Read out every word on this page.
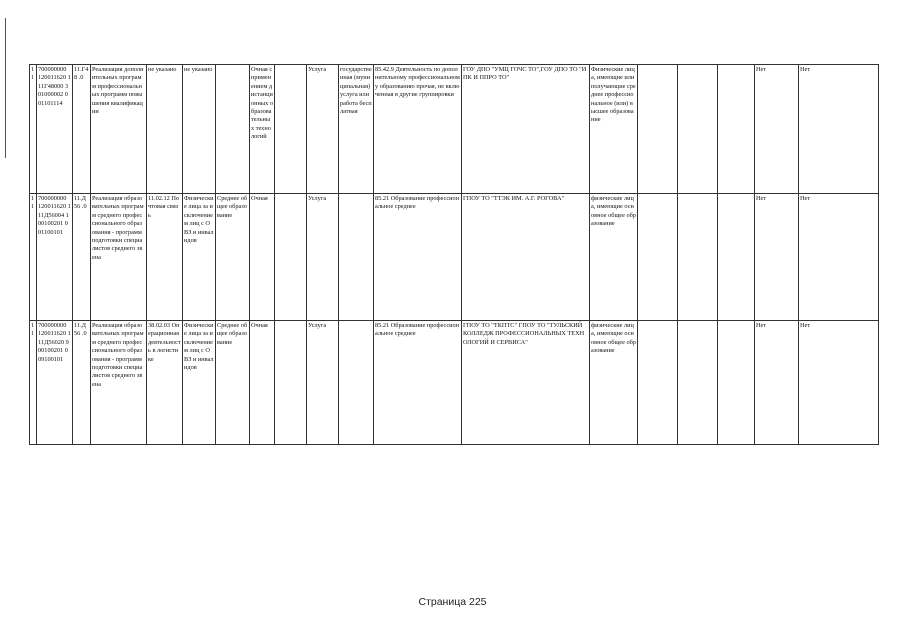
11	700000000 120011620 111Г48000 301000002 001101114	11.Г48 .0	Реализация дополнительных программ профессиональных программ повышения квалификации	не указано	не указано		Очная с применением дистанционных образовательных технологий		Услуга	государственная (муниципальная) услуга или работа бесплатная	85.42.9 Деятельность по дополнительному профессиональному образованию прочая, не включенная в другие группировки	ГОУ ДПО "УМЦ ГОЧС ТО",ГОУ ДПО ТО "ИПК И ППРО ТО"	Физические лица, имеющие или получающие среднее профессиональное (или) высшее образование				Нет	Нет
11	700000000 120011620 111Д56004 100100201 001100101	11.Д56 .0	Реализация образовательных программ среднего профессионального образования - программ подготовки специалистов среднего звена	11.02.12 Почтовая связь	Физические лица за исключением лиц с ОВЗ и инвалидов	Среднее общее образование	Очная		Услуга		85.21 Образование профессиональное среднее	ГПОУ ТО "ТТЭК ИМ. А.Г. РОГОВА"	физические лица, имеющие основное общее образование				Нет	Нет
11	700000000 120011620 111Д56020 900100201 009100101	11.Д56 .0	Реализация образовательных программ среднего профессионального образования - программ подготовки специалистов среднего звена	38.02.03 Операционная деятельность в логистике	Физические лица за исключением лиц с ОВЗ и инвалидов	Среднее общее образование	Очная		Услуга		85.21 Образование профессиональное среднее	ГПОУ ТО "ТКПТС" ГПОУ ТО "ТУЛЬСКИЙ КОЛЛЕДЖ ПРОФЕССИОНАЛЬНЫХ ТЕХНОЛОГИЙ И СЕРВИСА"	физические лица, имеющие основное общее образование				Нет	Нет
Страница 225
